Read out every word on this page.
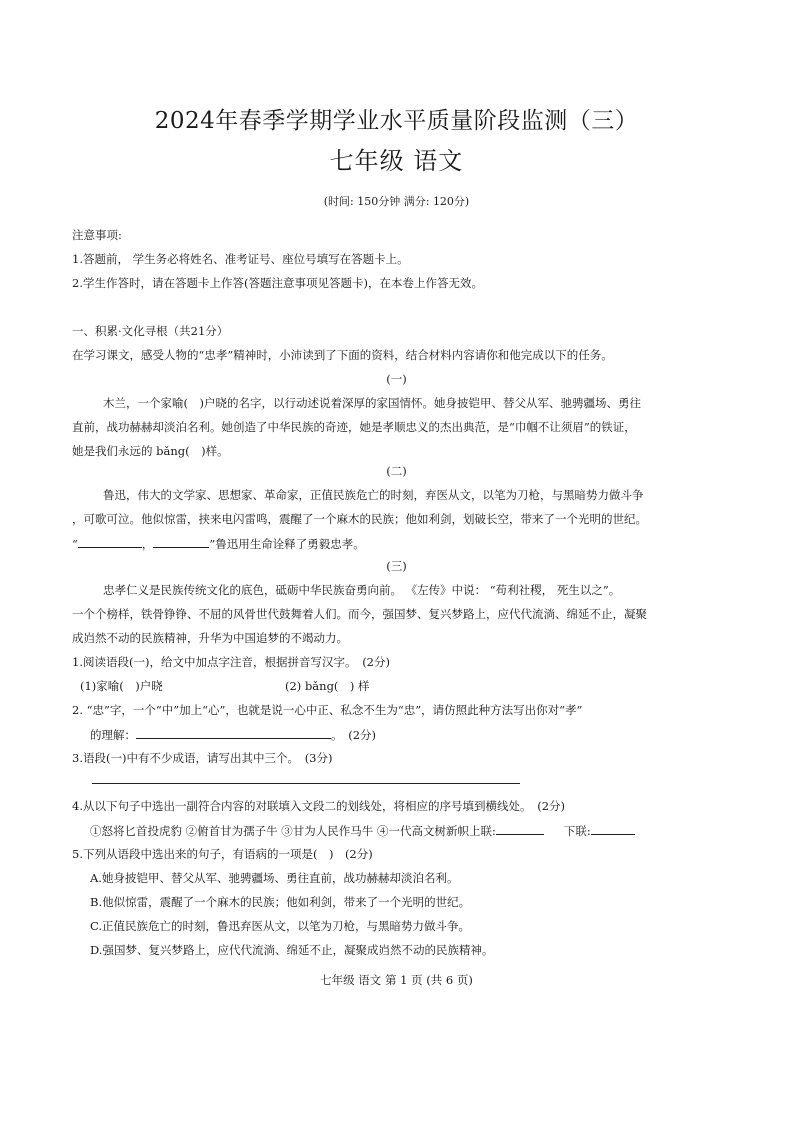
2024年春季学期学业水平质量阶段监测（三）
七年级 语文
(时间: 150分钟 满分: 120分)
注意事项:
1.答题前， 学生务必将姓名、准考证号、座位号填写在答题卡上。
2.学生作答时，请在答题卡上作答(答题注意事项见答题卡)，在本卷上作答无效。
一、积累·文化寻根（共21分）
在学习课文，感受人物的“忠孝”精神时，小沛读到了下面的资料，结合材料内容请你和他完成以下的任务。
(一)
木兰，一个家喻(　)户晓的名字，以行动述说着深厚的家国情怀。她身披铠甲、替父从军、驰骋疆场、勇往
直前，战功赫赫却淡泊名利。她创造了中华民族的奇迹，她是孝顺忠义的杰出典范，是“巾帼不让须眉”的铁证，
她是我们永远的 bǎng(　)样。
(二)
鲁迅，伟大的文学家、思想家、革命家，正值民族危亡的时刻，弃医从文，以笔为刀枪，与黑暗势力做斗争
，可歌可泣。他似惊雷，挟来电闪雷鸣，震醒了一个麻木的民族；他如利剑，划破长空，带来了一个光明的世纪。
“	，	”鲁迅用生命诠释了勇毅忠孝。
(三)
忠孝仁义是民族传统文化的底色，砥砺中华民族奋勇向前。 《左传》中说： “苟利社稷， 死生以之”。
一个个榜样，铁骨铮铮、不屈的风骨世代鼓舞着人们。而今，强国梦、复兴梦路上，应代代流淌、绵延不止，凝聚
成岿然不动的民族精神，升华为中国追梦的不竭动力。
1.阅读语段(一)，给文中加点字注音，根据拼音写汉字。　(2分)
(1)家喻(　)户晓	(2) bǎng(　) 样
2. “忠”字，一个“中”加上“心”，也就是说一心中正、私念不生为“忠”，请仿照此种方法写出你对“孝”
的理解：	。　(2分)
3.语段(一)中有不少成语，请写出其中三个。　(3分)
4.从以下句子中选出一副符合内容的对联填入文段二的划线处，将相应的序号填到横线处。　(2分)
①怒将匕首投虎豹 ②俯首甘为孺子牛 ③甘为人民作马牛 ④一代高文树新帜上联:	下联:
5.下列从语段中选出来的句子，有语病的一项是(　)　(2分)
A.她身披铠甲、替父从军、驰骋疆场、勇往直前，战功赫赫却淡泊名利。
B.他似惊雷，震醒了一个麻木的民族；他如利剑，带来了一个光明的世纪。
C.正值民族危亡的时刻，鲁迅弃医从文，以笔为刀枪，与黑暗势力做斗争。
D.强国梦、复兴梦路上，应代代流淌、绵延不止，凝聚成岿然不动的民族精神。
七年级 语文 第 1 页 (共 6 页)
